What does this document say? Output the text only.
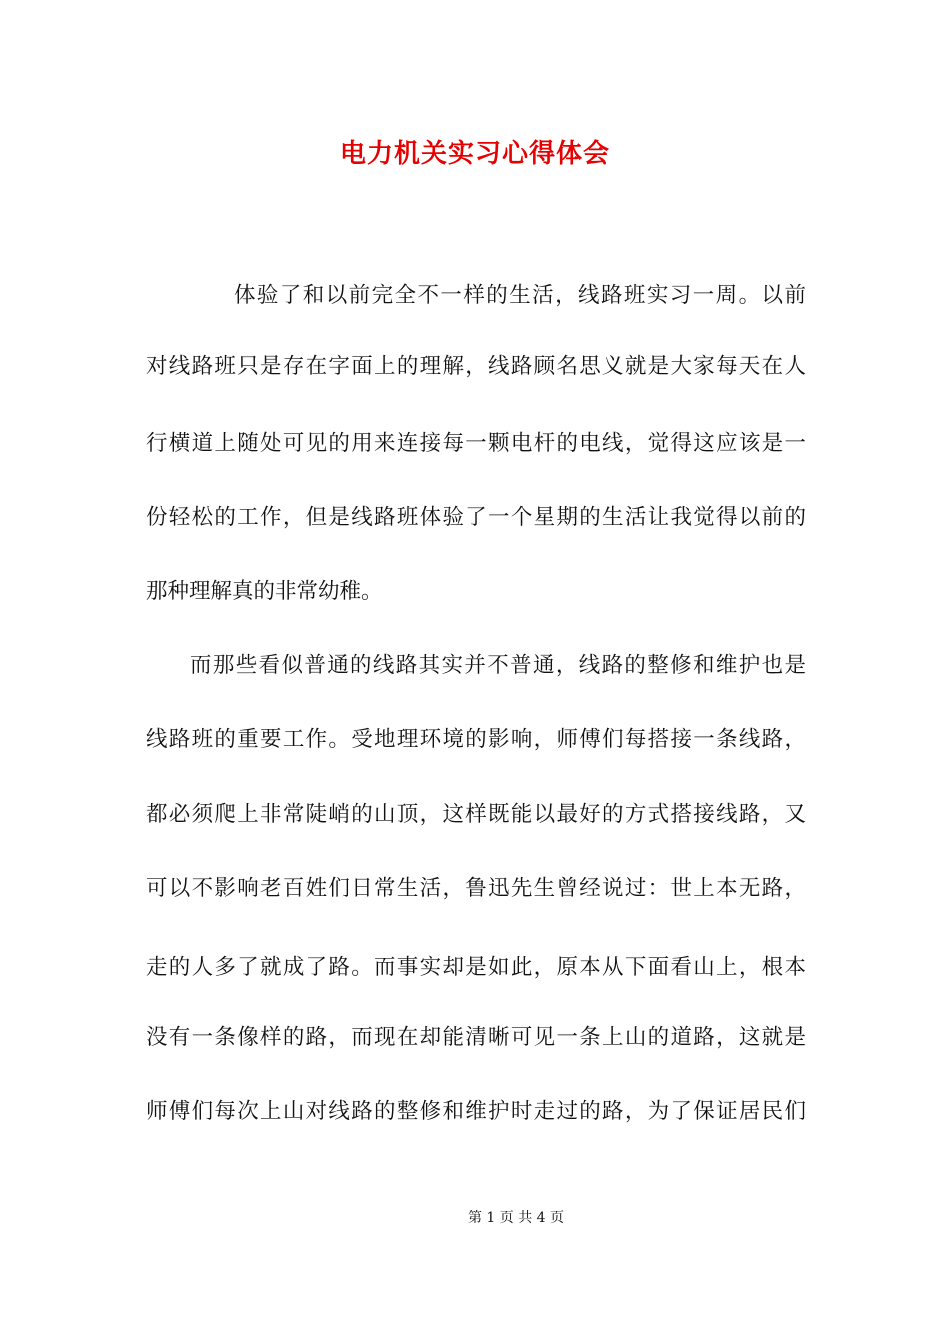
电力机关实习心得体会
体验了和以前完全不一样的生活，线路班实习一周。以前
对线路班只是存在字面上的理解，线路顾名思义就是大家每天在人
行横道上随处可见的用来连接每一颗电杆的电线，觉得这应该是一
份轻松的工作，但是线路班体验了一个星期的生活让我觉得以前的
那种理解真的非常幼稚。
而那些看似普通的线路其实并不普通，线路的整修和维护也是
线路班的重要工作。受地理环境的影响，师傅们每搭接一条线路，
都必须爬上非常陡峭的山顶，这样既能以最好的方式搭接线路，又
可以不影响老百姓们日常生活，鲁迅先生曾经说过：世上本无路，
走的人多了就成了路。而事实却是如此，原本从下面看山上，根本
没有一条像样的路，而现在却能清晰可见一条上山的道路，这就是
师傅们每次上山对线路的整修和维护时走过的路，为了保证居民们
第 1 页 共 4 页
